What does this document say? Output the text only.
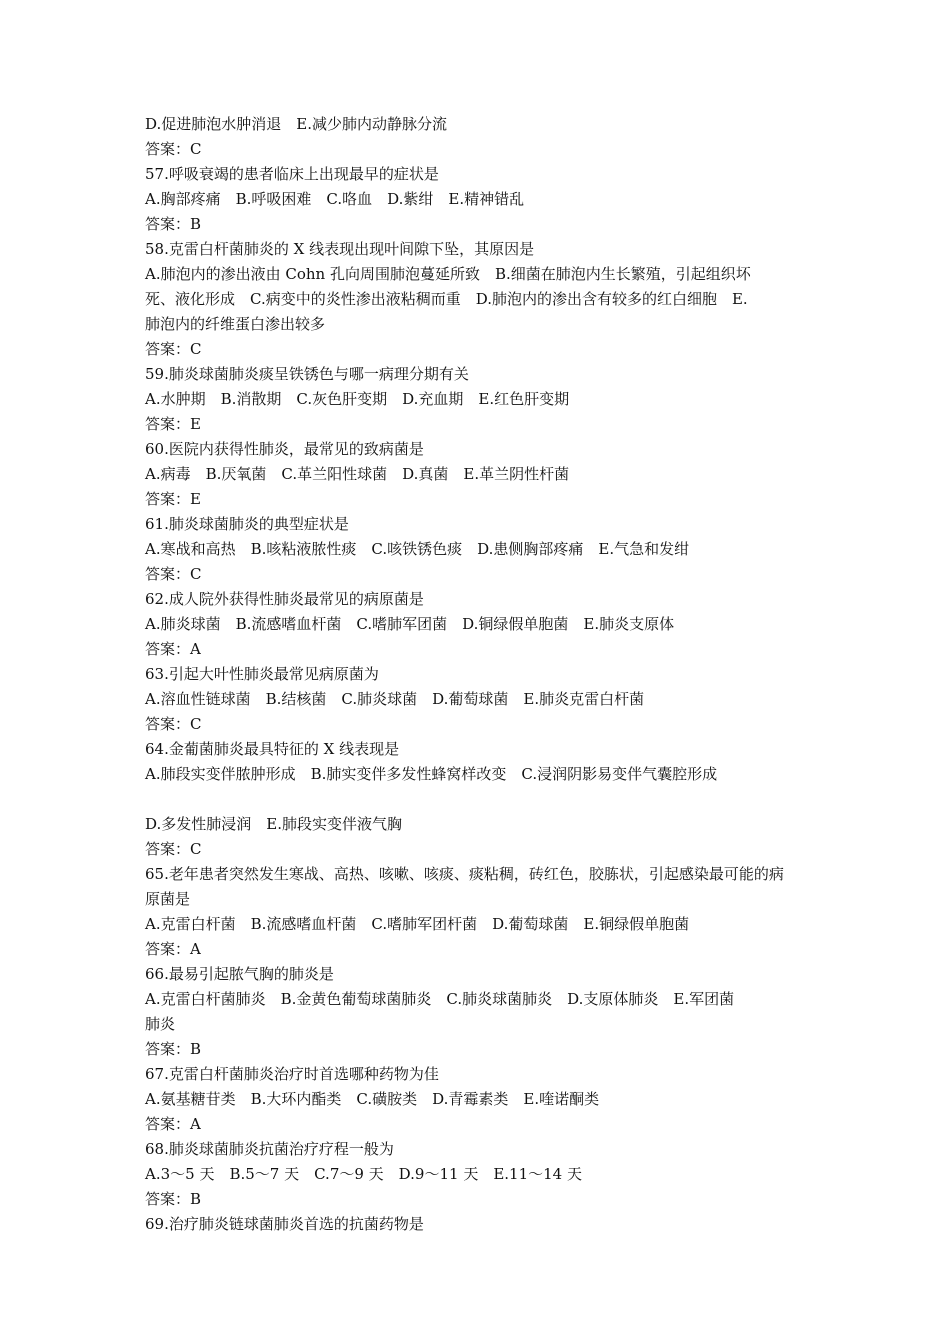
D.促进肺泡水肿消退　E.减少肺内动静脉分流

答案：C

57.呼吸衰竭的患者临床上出现最早的症状是

A.胸部疼痛　B.呼吸困难　C.咯血　D.紫绀　E.精神错乱

答案：B

58.克雷白杆菌肺炎的 X 线表现出现叶间隙下坠，其原因是

A.肺泡内的渗出液由 Cohn 孔向周围肺泡蔓延所致　B.细菌在肺泡内生长繁殖，引起组织坏

死、液化形成　C.病变中的炎性渗出液粘稠而重　D.肺泡内的渗出含有较多的红白细胞　E.

肺泡内的纤维蛋白渗出较多

答案：C

59.肺炎球菌肺炎痰呈铁锈色与哪一病理分期有关

A.水肿期　B.消散期　C.灰色肝变期　D.充血期　E.红色肝变期

答案：E

60.医院内获得性肺炎，最常见的致病菌是

A.病毒　B.厌氧菌　C.革兰阳性球菌　D.真菌　E.革兰阴性杆菌

答案：E

61.肺炎球菌肺炎的典型症状是

A.寒战和高热　B.咳粘液脓性痰　C.咳铁锈色痰　D.患侧胸部疼痛　E.气急和发绀

答案：C

62.成人院外获得性肺炎最常见的病原菌是

A.肺炎球菌　B.流感嗜血杆菌　C.嗜肺军团菌　D.铜绿假单胞菌　E.肺炎支原体

答案：A

63.引起大叶性肺炎最常见病原菌为

A.溶血性链球菌　B.结核菌　C.肺炎球菌　D.葡萄球菌　E.肺炎克雷白杆菌

答案：C

64.金葡菌肺炎最具特征的 X 线表现是

A.肺段实变伴脓肿形成　B.肺实变伴多发性蜂窝样改变　C.浸润阴影易变伴气囊腔形成

D.多发性肺浸润　E.肺段实变伴液气胸

答案：C

65.老年患者突然发生寒战、高热、咳嗽、咳痰、痰粘稠，砖红色，胶胨状，引起感染最可能的病

原菌是

A.克雷白杆菌　B.流感嗜血杆菌　C.嗜肺军团杆菌　D.葡萄球菌　E.铜绿假单胞菌

答案：A

66.最易引起脓气胸的肺炎是

A.克雷白杆菌肺炎　B.金黄色葡萄球菌肺炎　C.肺炎球菌肺炎　D.支原体肺炎　E.军团菌

肺炎

答案：B

67.克雷白杆菌肺炎治疗时首选哪种药物为佳

A.氨基糖苷类　B.大环内酯类　C.磺胺类　D.青霉素类　E.喹诺酮类

答案：A

68.肺炎球菌肺炎抗菌治疗疗程一般为

A.3～5 天　B.5～7 天　C.7～9 天　D.9～11 天　E.11～14 天

答案：B

69.治疗肺炎链球菌肺炎首选的抗菌药物是
